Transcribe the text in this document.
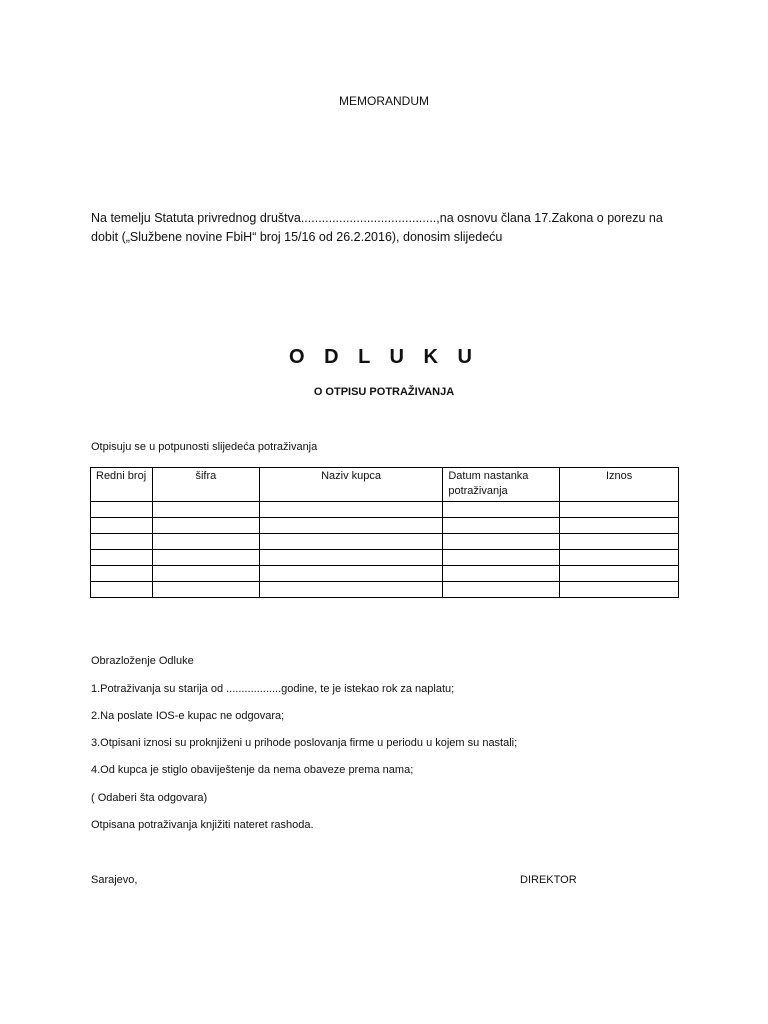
MEMORANDUM
Na temelju Statuta privrednog društva.......................................,na osnovu člana 17.Zakona o porezu na
dobit („Službene novine FbiH“ broj 15/16 od 26.2.2016), donosim slijedeću
O D L U K U
O OTPISU POTRAŽIVANJA
Otpisuju se u potpunosti slijedeća potraživanja
Redni broj	šifra	Naziv kupca	Datum nastanka potraživanja	Iznos

Obrazloženje Odluke
1.Potraživanja su starija od ..................godine, te je istekao rok za naplatu;
2.Na poslate IOS-e kupac ne odgovara;
3.Otpisani iznosi su proknjiženi u prihode poslovanja firme u periodu u kojem su nastali;
4.Od kupca je stiglo obaviještenje da nema obaveze prema nama;
( Odaberi šta odgovara)
Otpisana potraživanja knjižiti nateret rashoda.
Sarajevo,	DIREKTOR
